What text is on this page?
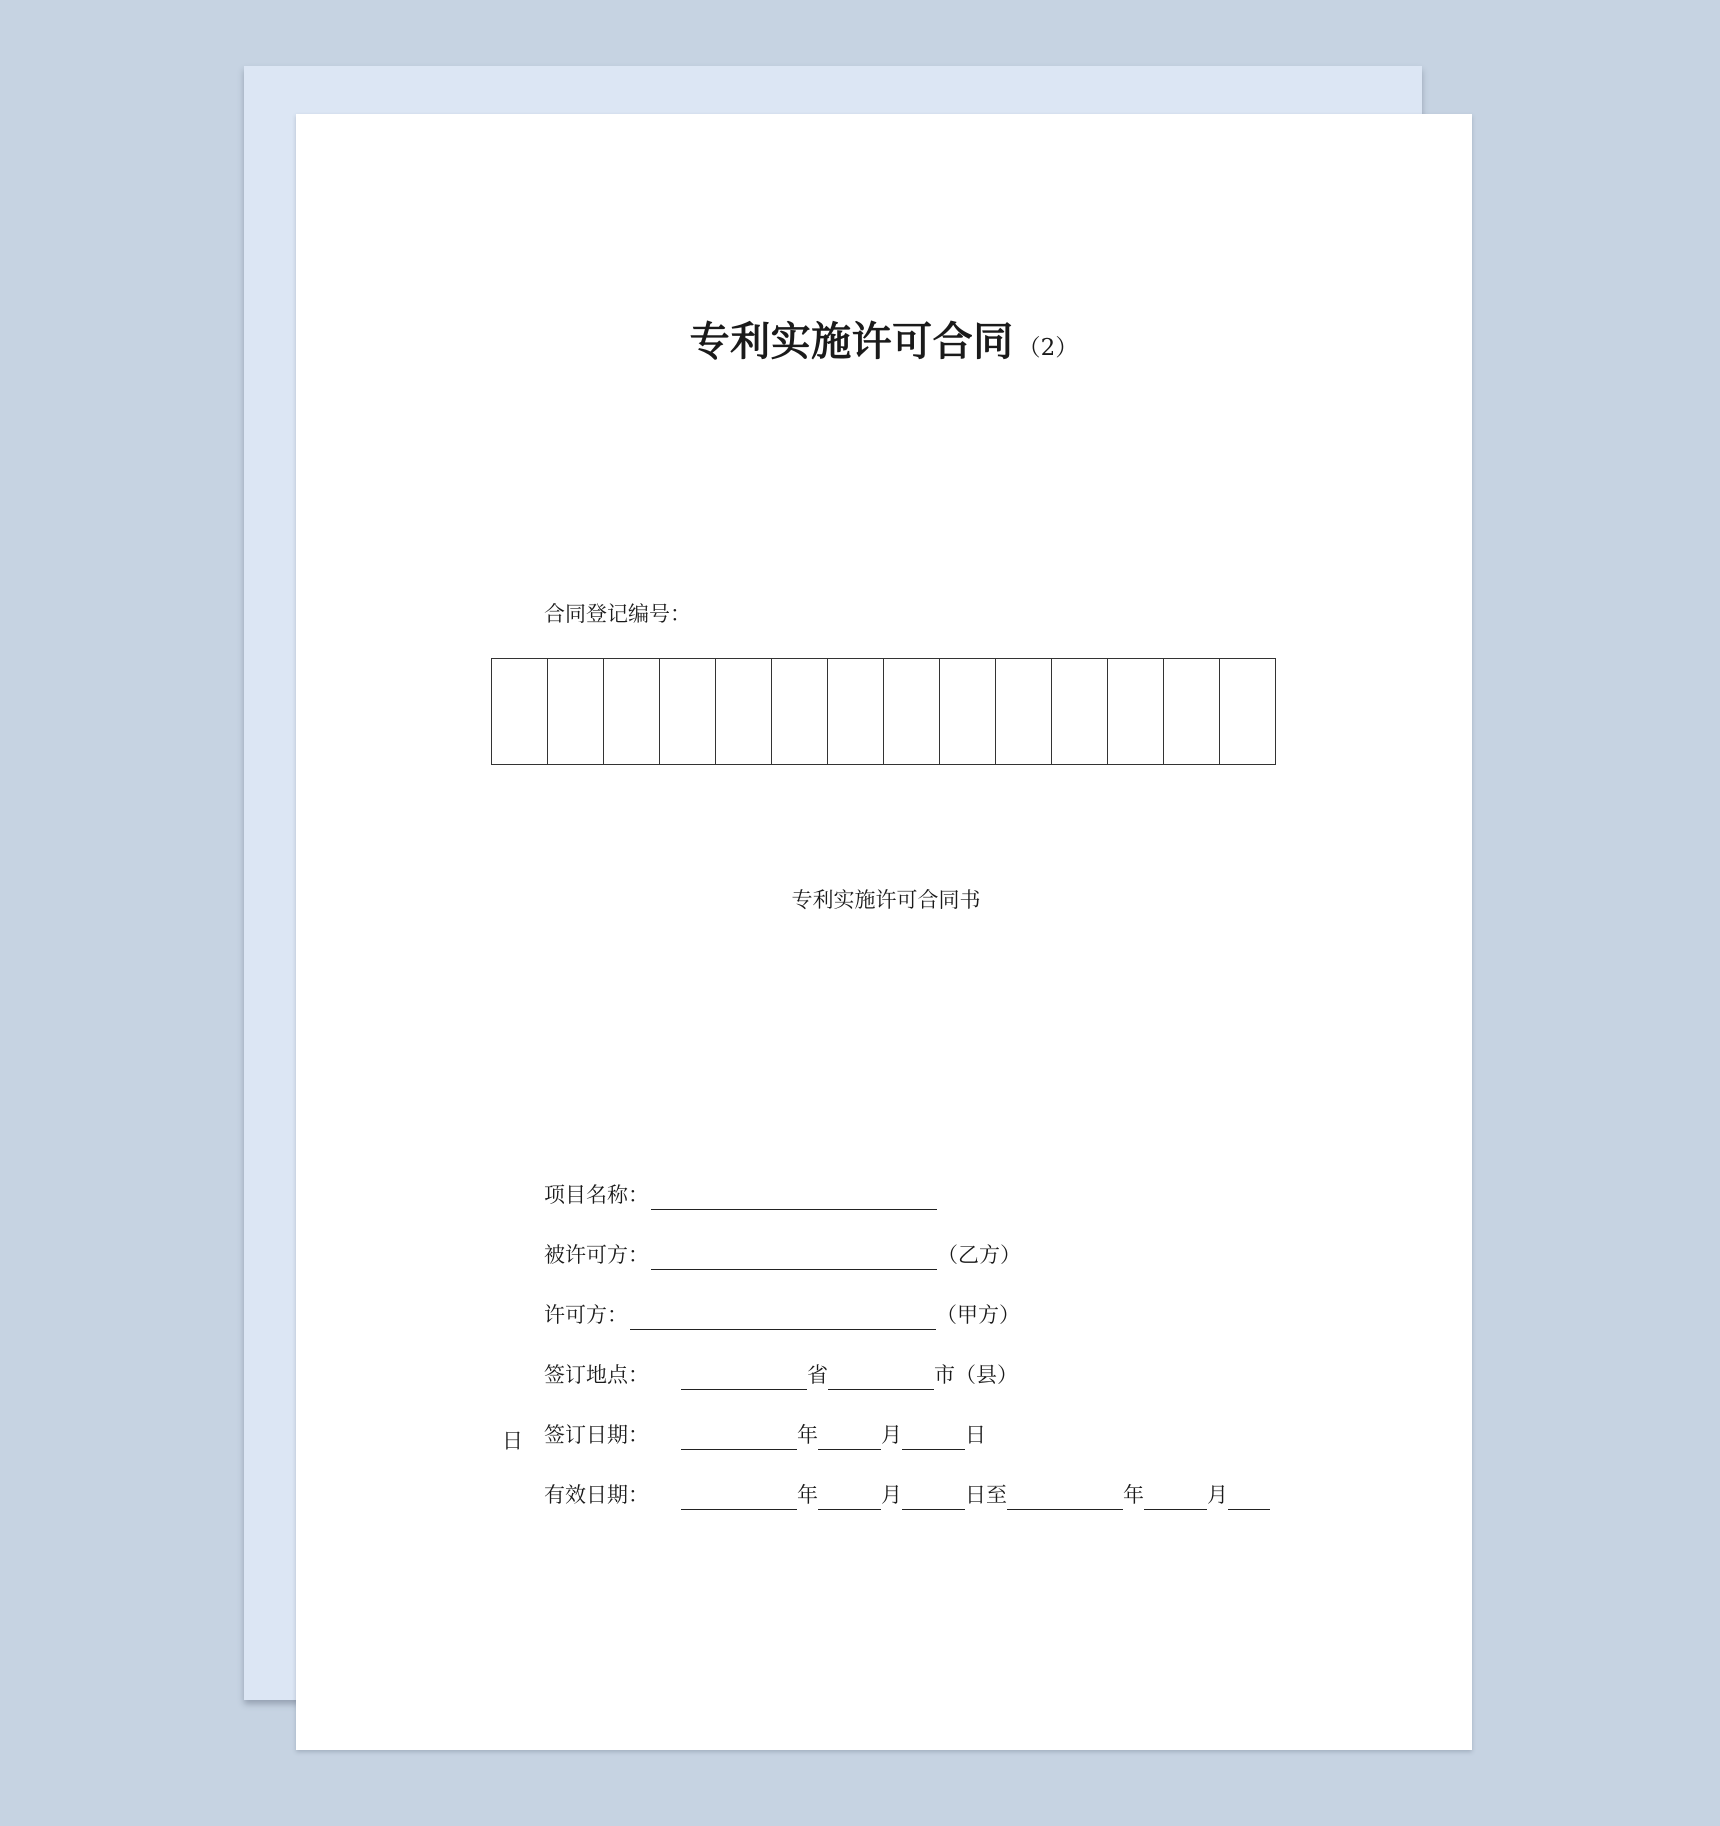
专利实施许可合同 （2）
合同登记编号：
专利实施许可合同书
项目名称：
被许可方：	（乙方）
许可方：	（甲方）
签订地点：	省	市（县）
签订日期：	年	月	日
有效日期：	年	月	日至	年	月
日
